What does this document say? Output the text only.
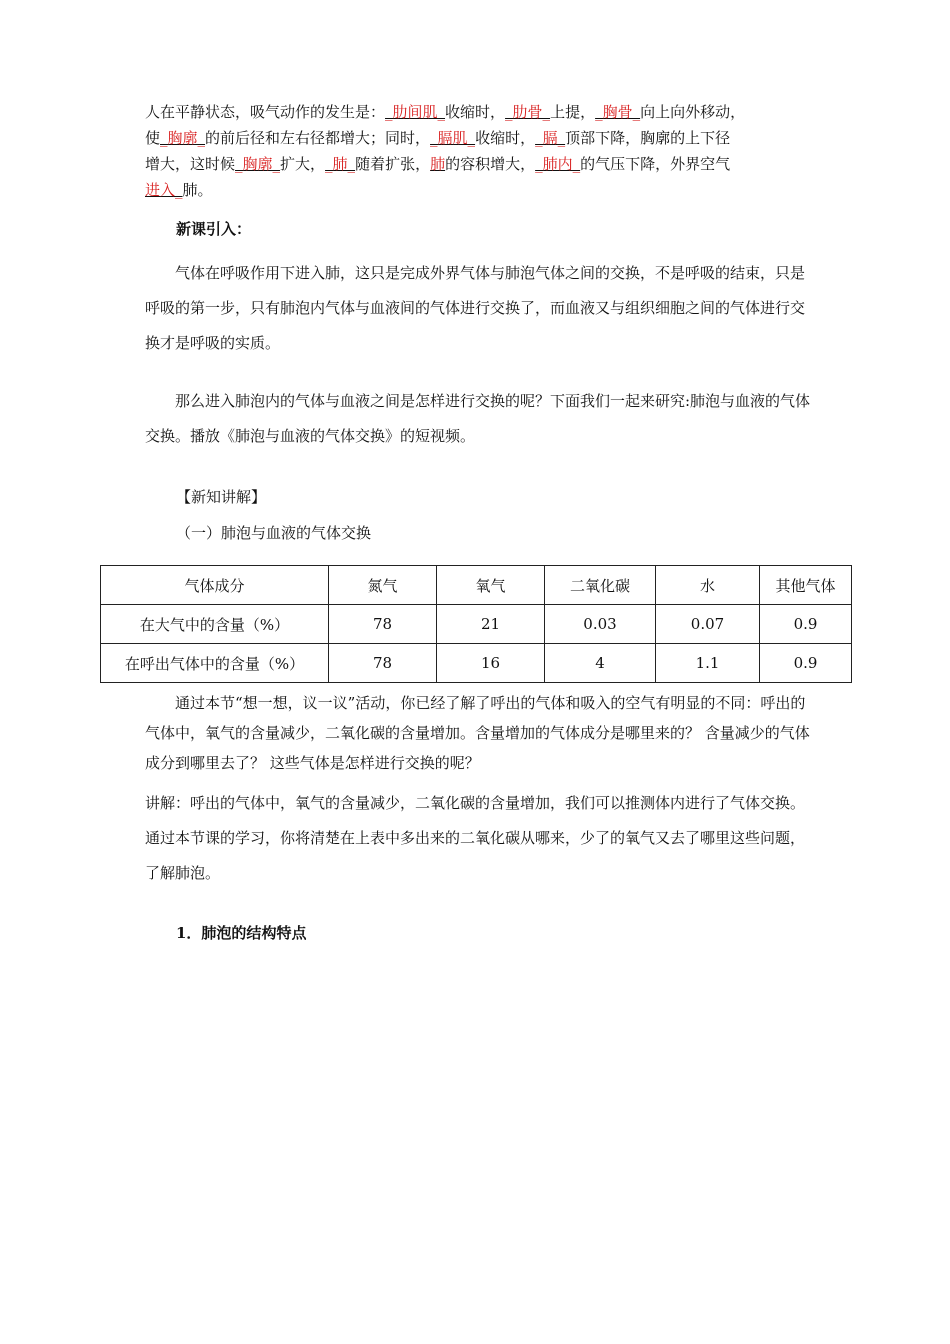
人在平静状态，吸气动作的发生是：_肋间肌_收缩时，_肋骨_上提，_胸骨_向上向外移动，
使_胸廓_的前后径和左右径都增大；同时，_膈肌_收缩时，_膈_顶部下降，胸廓的上下径
增大，这时候_胸廓_扩大，_肺_随着扩张，肺的容积增大，_肺内_的气压下降，外界空气
进入_肺。
新课引入：
气体在呼吸作用下进入肺，这只是完成外界气体与肺泡气体之间的交换，不是呼吸的结束，只是呼吸的第一步，只有肺泡内气体与血液间的气体进行交换了，而血液又与组织细胞之间的气体进行交换才是呼吸的实质。
那么进入肺泡内的气体与血液之间是怎样进行交换的呢？下面我们一起来研究:肺泡与血液的气体交换。播放《肺泡与血液的气体交换》的短视频。
【新知讲解】
（一）肺泡与血液的气体交换
气体成分	氮气	氧气	二氧化碳	水	其他气体
在大气中的含量（%）	78	21	0.03	0.07	0.9
在呼出气体中的含量（%）	78	16	4	1.1	0.9
通过本节“想一想，议一议”活动，你已经了解了呼出的气体和吸入的空气有明显的不同：呼出的气体中，氧气的含量减少，二氧化碳的含量增加。含量增加的气体成分是哪里来的？ 含量减少的气体成分到哪里去了？ 这些气体是怎样进行交换的呢？
讲解：呼出的气体中，氧气的含量减少，二氧化碳的含量增加，我们可以推测体内进行了气体交换。通过本节课的学习，你将清楚在上表中多出来的二氧化碳从哪来，少了的氧气又去了哪里这些问题，了解肺泡。
1．肺泡的结构特点
